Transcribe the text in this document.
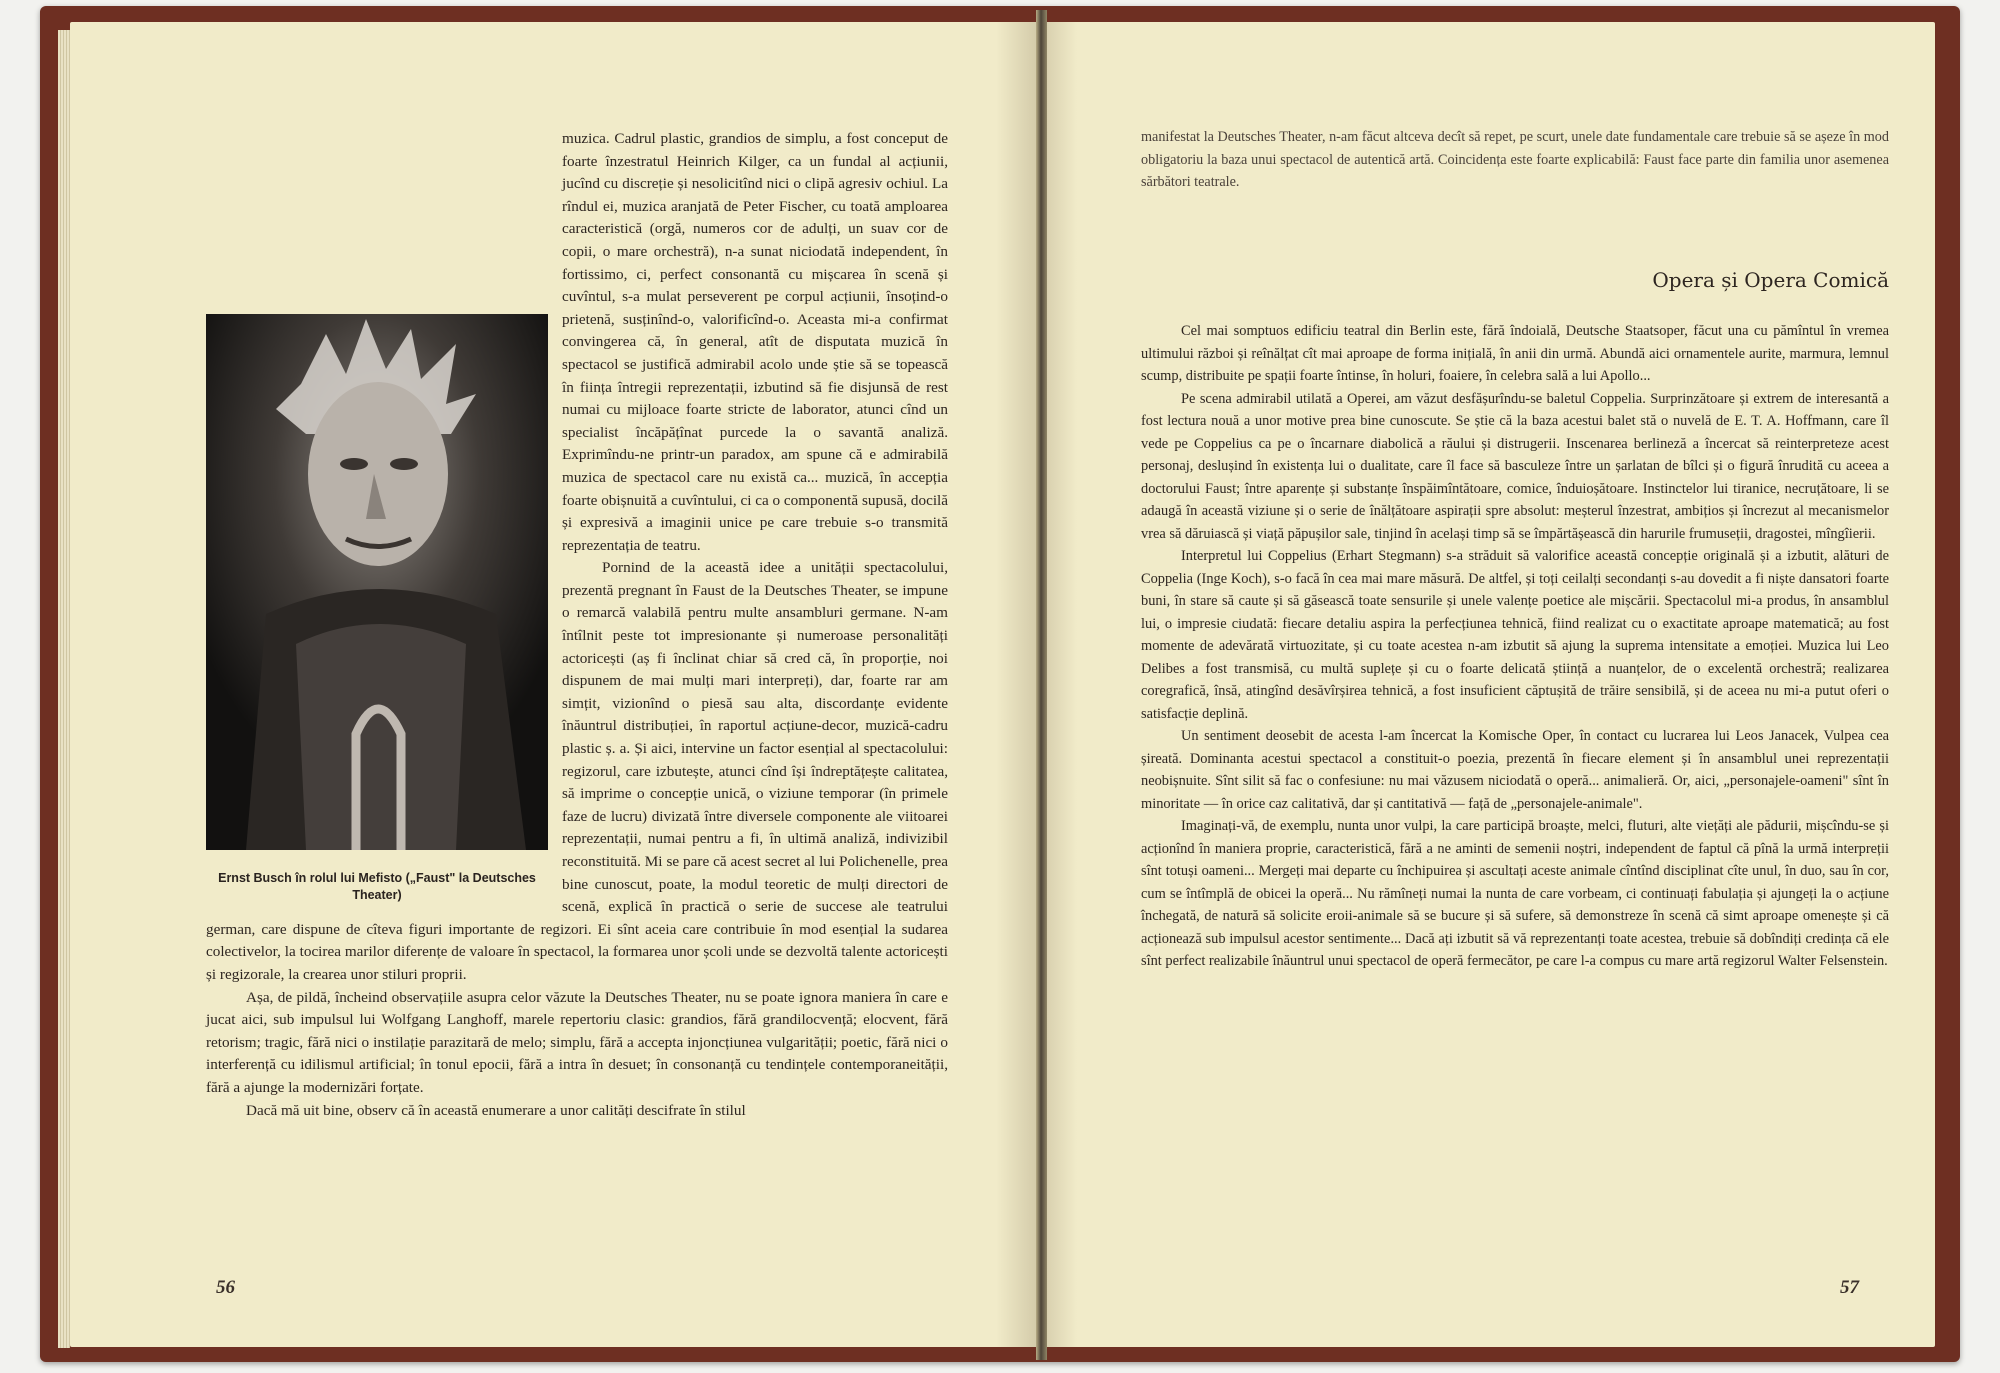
muzica. Cadrul plastic, grandios de simplu, a fost conceput de foarte înzestratul Heinrich Kilger, ca un fundal al acțiunii, jucînd cu discreție și nesolicitînd nici o clipă agresiv ochiul. La rîndul ei, muzica aranjată de Peter Fischer, cu toată amploarea caracteristică (orgă, numeros cor de adulți, un suav cor de copii, o mare orchestră), n-a sunat niciodată independent, în fortissimo, ci, perfect consonantă cu mișcarea în scenă și cuvîntul, s-a mulat perseverent pe corpul acțiunii, însoțind-o prietenă, susținînd-o, valorificînd-o. Aceasta mi-a confirmat convingerea că, în general, atît de disputata muzică în spectacol se justifică admirabil acolo unde știe să se topească în ființa întregii reprezentații, izbutind să fie disjunsă de rest numai cu mijloace foarte stricte de laborator, atunci cînd un specialist încăpățînat purcede la o savantă analiză. Exprimîndu-ne printr-un paradox, am spune că e admirabilă muzica de spectacol care nu există ca... muzică, în accepția foarte obișnuită a cuvîntului, ci ca o componentă supusă, docilă și expresivă a imaginii unice pe care trebuie s-o transmită reprezentația de teatru.

Pornind de la această idee a unității spectacolului, prezentă pregnant în Faust de la Deutsches Theater, se impune o remarcă valabilă pentru multe ansambluri germane. N-am întîlnit peste tot impresionante și numeroase personalități actoricești (aș fi înclinat chiar să cred că, în proporție, noi dispunem de mai mulți mari interpreți), dar, foarte rar am simțit, vizionînd o piesă sau alta, discordanțe evidente înăuntrul distribuției, în raportul acțiune-decor, muzică-cadru plastic ș. a. Și aici, intervine un factor esențial al spectacolului: regizorul, care izbutește, atunci cînd își îndreptățește calitatea, să imprime o concepție unică, o viziune temporar (în primele faze de lucru) divizată între diversele componente ale viitoarei reprezentații, numai pentru a fi, în ultimă analiză, indivizibil reconstituită. Mi se pare că acest secret al lui Polichenelle, prea bine cunoscut, poate, la modul teoretic de mulți directori de scenă, explică în practică o serie de succese ale teatrului german, care dispune de cîteva figuri importante de regizori. Ei sînt aceia care contribuie în mod esențial la sudarea colectivelor, la tocirea marilor diferențe de valoare în spectacol, la formarea unor școli unde se dezvoltă talente actoricești și regizorale, la crearea unor stiluri proprii.

Așa, de pildă, încheind observațiile asupra celor văzute la Deutsches Theater, nu se poate ignora maniera în care e jucat aici, sub impulsul lui Wolfgang Langhoff, marele repertoriu clasic: grandios, fără grandilocvență; elocvent, fără retorism; tragic, fără nici o instilație parazitară de melo; simplu, fără a accepta injoncțiunea vulgarității; poetic, fără nici o interferență cu idilismul artificial; în tonul epocii, fără a intra în desuet; în consonanță cu tendințele contemporaneității, fără a ajunge la modernizări forțate.

Dacă mă uit bine, observ că în această enumerare a unor calități descifrate în stilul

Ernst Busch în rolul lui Mefisto („Faust" la Deutsches Theater)
56

manifestat la Deutsches Theater, n-am făcut altceva decît să repet, pe scurt, unele date fundamentale care trebuie să se așeze în mod obligatoriu la baza unui spectacol de autentică artă. Coincidența este foarte explicabilă: Faust face parte din familia unor asemenea sărbători teatrale.

Opera și Opera Comică

Cel mai somptuos edificiu teatral din Berlin este, fără îndoială, Deutsche Staatsoper, făcut una cu pămîntul în vremea ultimului război și reînălțat cît mai aproape de forma inițială, în anii din urmă. Abundă aici ornamentele aurite, marmura, lemnul scump, distribuite pe spații foarte întinse, în holuri, foaiere, în celebra sală a lui Apollo...

Pe scena admirabil utilată a Operei, am văzut desfășurîndu-se baletul Coppelia. Surprinzătoare și extrem de interesantă a fost lectura nouă a unor motive prea bine cunoscute. Se știe că la baza acestui balet stă o nuvelă de E. T. A. Hoffmann, care îl vede pe Coppelius ca pe o încarnare diabolică a răului și distrugerii. Inscenarea berlineză a încercat să reinterpreteze acest personaj, deslușind în existența lui o dualitate, care îl face să basculeze între un șarlatan de bîlci și o figură înrudită cu aceea a doctorului Faust; între aparențe și substanțe înspăimîntătoare, comice, înduioșătoare. Instinctelor lui tiranice, necruțătoare, li se adaugă în această viziune și o serie de înălțătoare aspirații spre absolut: meșterul înzestrat, ambițios și încrezut al mecanismelor vrea să dăruiască și viață păpușilor sale, tinjind în același timp să se împărtășească din harurile frumuseții, dragostei, mîngîierii.

Interpretul lui Coppelius (Erhart Stegmann) s-a străduit să valorifice această concepție originală și a izbutit, alături de Coppelia (Inge Koch), s-o facă în cea mai mare măsură. De altfel, și toți ceilalți secondanți s-au dovedit a fi niște dansatori foarte buni, în stare să caute și să găsească toate sensurile și unele valențe poetice ale mișcării. Spectacolul mi-a produs, în ansamblul lui, o impresie ciudată: fiecare detaliu aspira la perfecțiunea tehnică, fiind realizat cu o exactitate aproape matematică; au fost momente de adevărată virtuozitate, și cu toate acestea n-am izbutit să ajung la suprema intensitate a emoției. Muzica lui Leo Delibes a fost transmisă, cu multă suplețe și cu o foarte delicată știință a nuanțelor, de o excelentă orchestră; realizarea coregrafică, însă, atingînd desăvîrșirea tehnică, a fost insuficient căptușită de trăire sensibilă, și de aceea nu mi-a putut oferi o satisfacție deplină.

Un sentiment deosebit de acesta l-am încercat la Komische Oper, în contact cu lucrarea lui Leos Janacek, Vulpea cea șireată. Dominanta acestui spectacol a constituit-o poezia, prezentă în fiecare element și în ansamblul unei reprezentații neobișnuite. Sînt silit să fac o confesiune: nu mai văzusem niciodată o operă... animalieră. Or, aici, „personajele-oameni" sînt în minoritate — în orice caz calitativă, dar și cantitativă — față de „personajele-animale".

Imaginați-vă, de exemplu, nunta unor vulpi, la care participă broaște, melci, fluturi, alte viețăți ale pădurii, mișcîndu-se și acționînd în maniera proprie, caracteristică, fără a ne aminti de semenii noștri, independent de faptul că pînă la urmă interpreții sînt totuși oameni... Mergeți mai departe cu închipuirea și ascultați aceste animale cîntînd disciplinat cîte unul, în duo, sau în cor, cum se întîmplă de obicei la operă... Nu rămîneți numai la nunta de care vorbeam, ci continuați fabulația și ajungeți la o acțiune închegată, de natură să solicite eroii-animale să se bucure și să sufere, să demonstreze în scenă că simt aproape omenește și că acționează sub impulsul acestor sentimente... Dacă ați izbutit să vă reprezentanți toate acestea, trebuie să dobîndiți credința că ele sînt perfect realizabile înăuntrul unui spectacol de operă fermecător, pe care l-a compus cu mare artă regizorul Walter Felsenstein.

57
